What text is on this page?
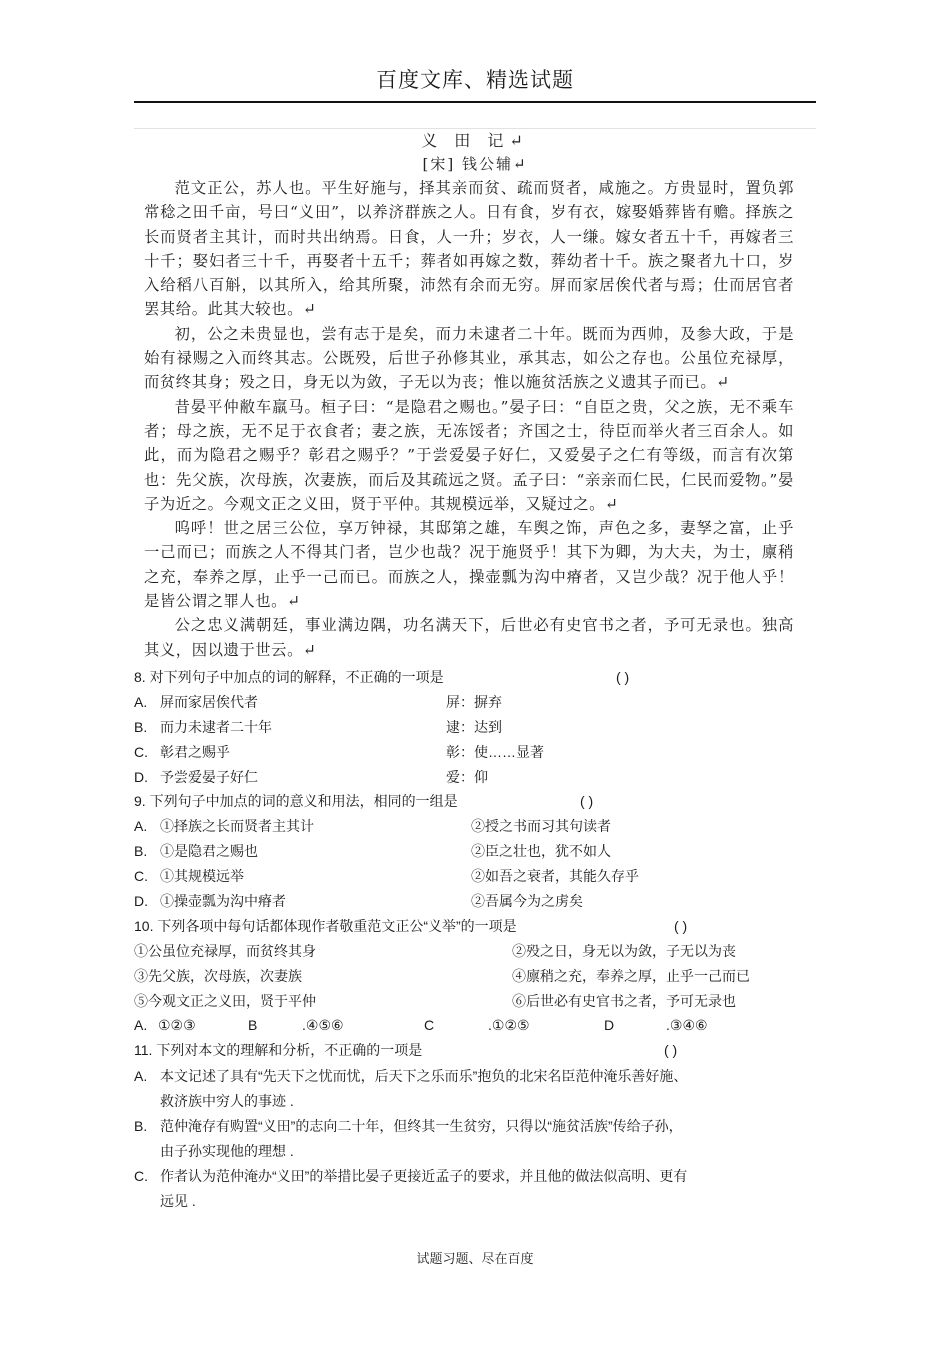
百度文库、精选试题
义 田 记↵
[宋] 钱公辅↵

范文正公，苏人也。平生好施与，择其亲而贫、疏而贤者，咸施之。方贵显时，置负郭常稔之田千亩，号曰“义田”，以养济群族之人。日有食，岁有衣，嫁娶婚葬皆有赡。择族之长而贤者主其计，而时共出纳焉。日食，人一升；岁衣，人一缣。嫁女者五十千，再嫁者三十千；娶妇者三十千，再娶者十五千；葬者如再嫁之数，葬幼者十千。族之聚者九十口，岁入给稻八百斛，以其所入，给其所聚，沛然有余而无穷。屏而家居俟代者与焉；仕而居官者罢其给。此其大较也。↵

初，公之未贵显也，尝有志于是矣，而力未逮者二十年。既而为西帅，及参大政，于是始有禄赐之入而终其志。公既殁，后世子孙修其业，承其志，如公之存也。公虽位充禄厚，而贫终其身；殁之日，身无以为敛，子无以为丧；惟以施贫活族之义遗其子而已。↵

昔晏平仲敝车羸马。桓子曰：“是隐君之赐也。”晏子曰：“自臣之贵，父之族，无不乘车者；母之族，无不足于衣食者；妻之族，无冻馁者；齐国之士，待臣而举火者三百余人。如此，而为隐君之赐乎？彰君之赐乎？”于尝爱晏子好仁，又爱晏子之仁有等级，而言有次第也：先父族，次母族，次妻族，而后及其疏远之贤。孟子曰：“亲亲而仁民，仁民而爱物。”晏子为近之。今观文正之义田，贤于平仲。其规模远举，又疑过之。↵

呜呼！世之居三公位，享万钟禄，其邸第之雄，车舆之饰，声色之多，妻孥之富，止乎一己而已；而族之人不得其门者，岂少也哉？况于施贤乎！其下为卿，为大夫，为士，廪稍之充，奉养之厚，止乎一己而已。而族之人，操壶瓢为沟中瘠者，又岂少哉？况于他人乎！是皆公谓之罪人也。↵

公之忠义满朝廷，事业满边隅，功名满天下，后世必有史官书之者，予可无录也。独高其义，因以遗于世云。↵

8. 对下列句子中加点的词的解释，不正确的一项是	( )
A. 屏而家居俟代者	屏：摒弃
B. 而力未逮者二十年	逮：达到
C. 彰君之赐乎	彰：使……显著
D. 予尝爱晏子好仁	爱：仰
9. 下列句子中加点的词的意义和用法，相同的一组是	( )
A. ①择族之长而贤者主其计	②授之书而习其句读者
B. ①是隐君之赐也	②臣之壮也，犹不如人
C. ①其规模远举	②如吾之衰者，其能久存乎
D. ①操壶瓢为沟中瘠者	②吾属今为之虏矣
10. 下列各项中每句话都体现作者敬重范文正公“义举”的一项是	( )
①公虽位充禄厚，而贫终其身	②殁之日，身无以为敛，子无以为丧
③先父族，次母族，次妻族	④廪稍之充，奉养之厚，止乎一己而已
⑤今观文正之义田，贤于平仲	⑥后世必有史官书之者，予可无录也
A. ①②③	B	.④⑤⑥	C	.①②⑤	D	.③④⑥
11. 下列对本文的理解和分析，不正确的一项是	( )
A. 本文记述了具有“先天下之忧而忧，后天下之乐而乐”抱负的北宋名臣范仲淹乐善好施、
救济族中穷人的事迹 .
B. 范仲淹存有购置“义田”的志向二十年，但终其一生贫穷，只得以“施贫活族”传给子孙，
由子孙实现他的理想 .
C. 作者认为范仲淹办“义田”的举措比晏子更接近孟子的要求，并且他的做法似高明、更有
远见 .
试题习题、尽在百度
